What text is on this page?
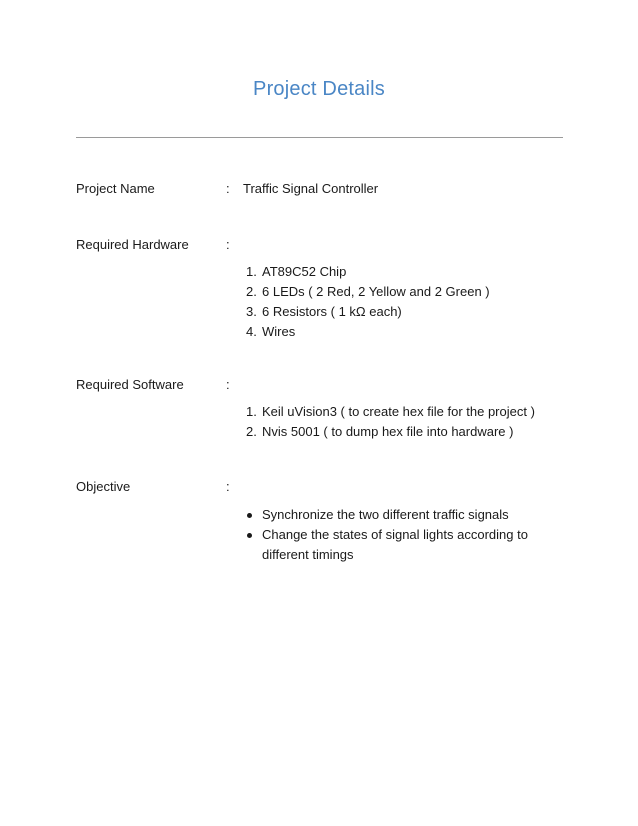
Project Details
Project Name	: Traffic Signal Controller
Required Hardware	:
1. AT89C52 Chip
2. 6 LEDs ( 2 Red, 2 Yellow and 2 Green )
3. 6 Resistors ( 1 kΩ each)
4. Wires
Required Software	:
1. Keil uVision3 ( to create hex file for the project )
2. Nvis 5001 ( to dump hex file into hardware )
Objective	:
Synchronize the two different traffic signals
Change the states of signal lights according to different timings
